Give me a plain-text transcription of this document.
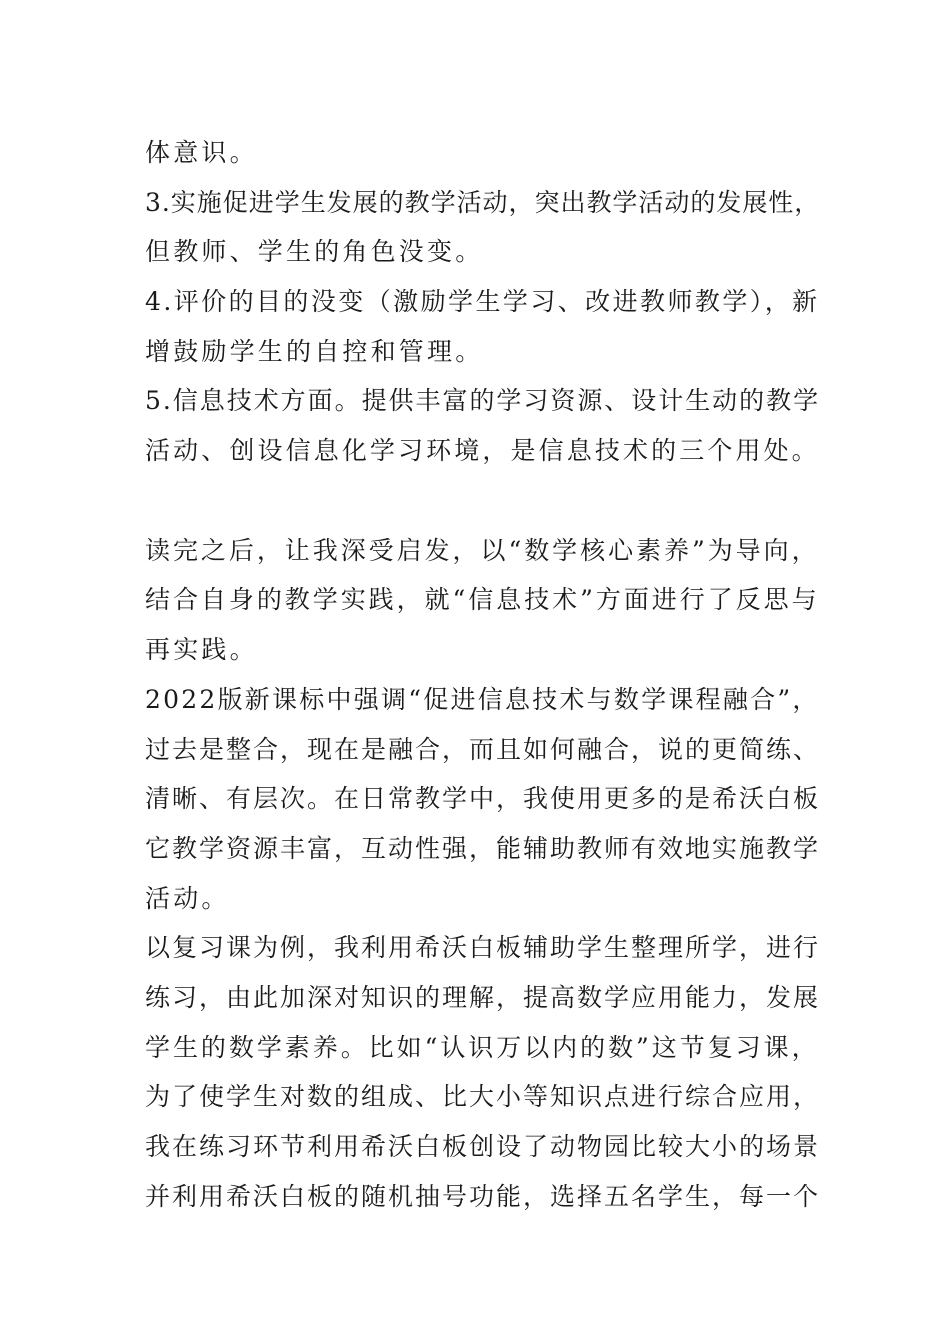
体意识。

3.实施促进学生发展的教学活动，突出教学活动的发展性，

但教师、学生的角色没变。

4.评价的目的没变（激励学生学习、改进教师教学），新

增鼓励学生的自控和管理。

5.信息技术方面。提供丰富的学习资源、设计生动的教学

活动、创设信息化学习环境，是信息技术的三个用处。

读完之后，让我深受启发，以“数学核心素养”为导向，

结合自身的教学实践，就“信息技术”方面进行了反思与

再实践。

2022版新课标中强调“促进信息技术与数学课程融合”，

过去是整合，现在是融合，而且如何融合，说的更简练、

清晰、有层次。在日常教学中，我使用更多的是希沃白板

它教学资源丰富，互动性强，能辅助教师有效地实施教学

活动。

以复习课为例，我利用希沃白板辅助学生整理所学，进行

练习，由此加深对知识的理解，提高数学应用能力，发展

学生的数学素养。比如“认识万以内的数”这节复习课，

为了使学生对数的组成、比大小等知识点进行综合应用，

我在练习环节利用希沃白板创设了动物园比较大小的场景

并利用希沃白板的随机抽号功能，选择五名学生，每一个
